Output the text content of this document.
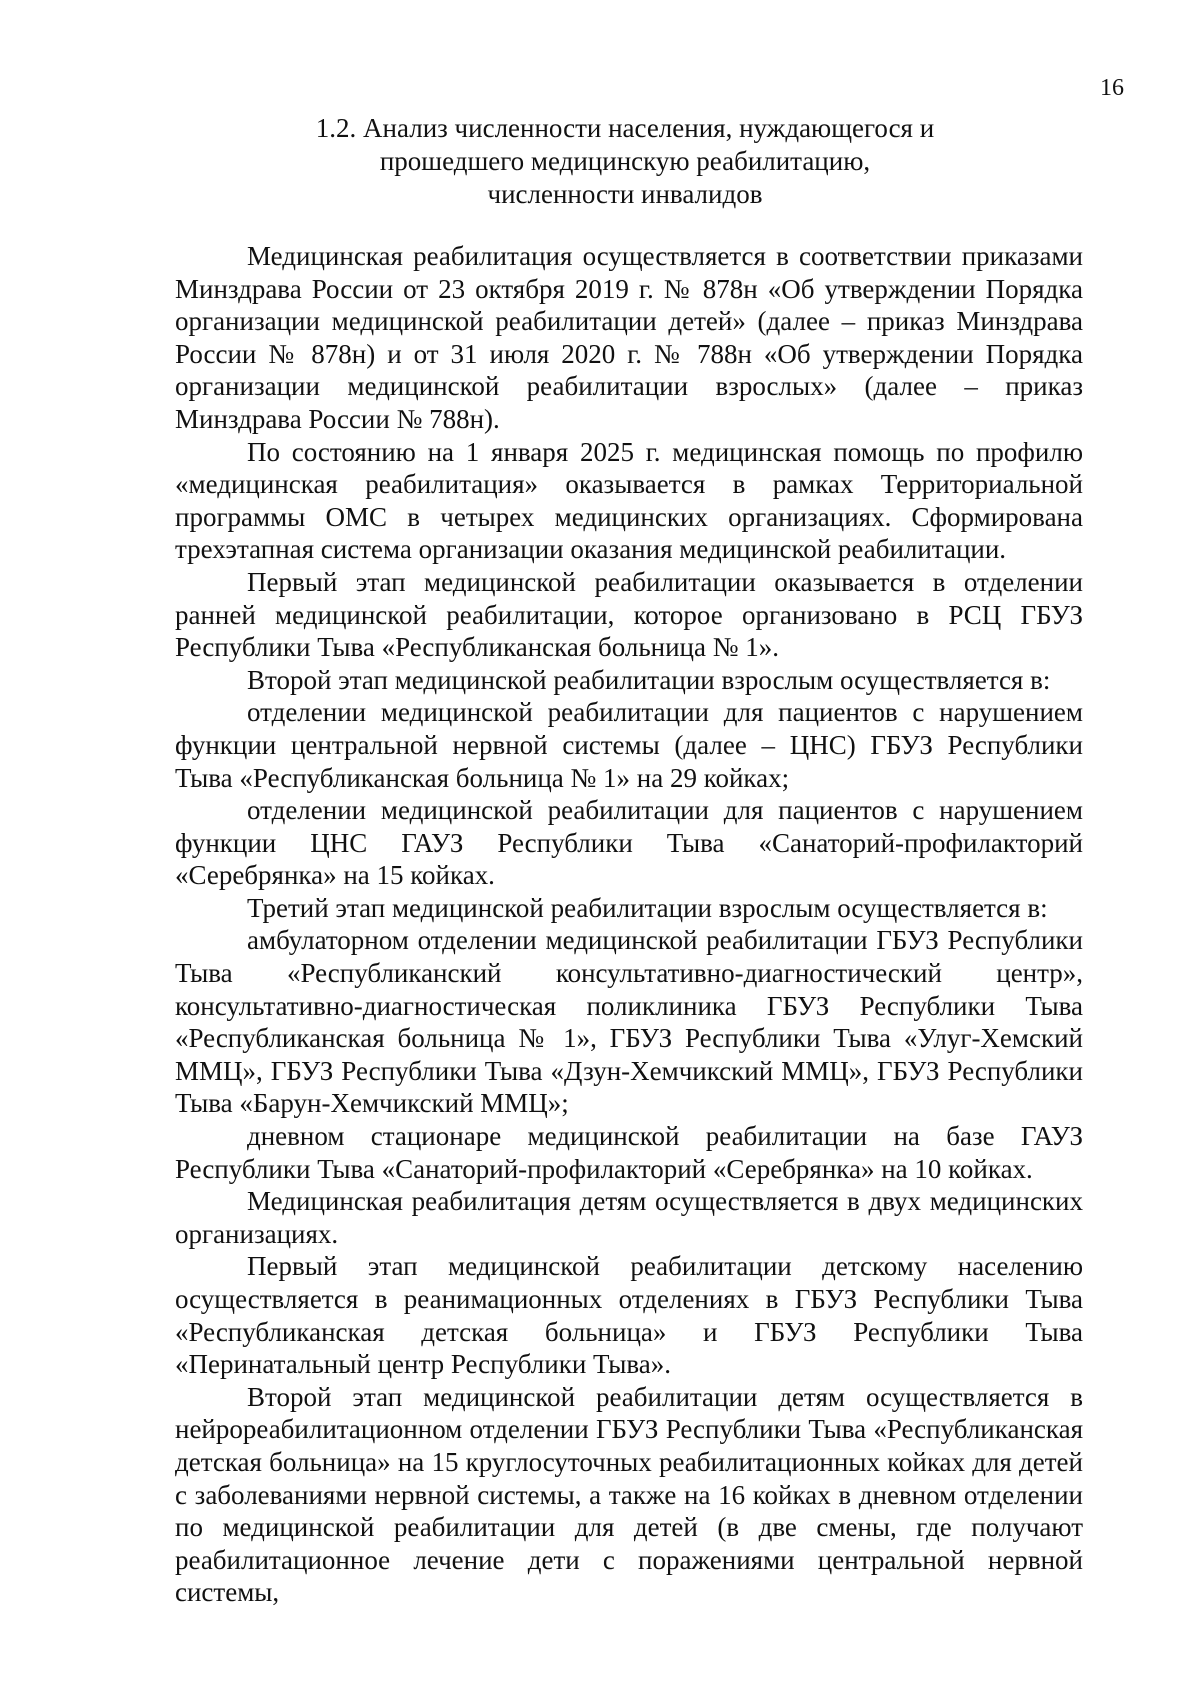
16
1.2. Анализ численности населения, нуждающегося и
прошедшего медицинскую реабилитацию,
численности инвалидов

Медицинская реабилитация осуществляется в соответствии приказами Минздрава России от 23 октября 2019 г. № 878н «Об утверждении Порядка организации медицинской реабилитации детей» (далее – приказ Минздрава России № 878н) и от 31 июля 2020 г. № 788н «Об утверждении Порядка организации медицинской реабилитации взрослых» (далее – приказ Минздрава России № 788н).

По состоянию на 1 января 2025 г. медицинская помощь по профилю «медицинская реабилитация» оказывается в рамках Территориальной программы ОМС в четырех медицинских организациях. Сформирована трехэтапная система организации оказания медицинской реабилитации.

Первый этап медицинской реабилитации оказывается в отделении ранней медицинской реабилитации, которое организовано в РСЦ ГБУЗ Республики Тыва «Республиканская больница № 1».

Второй этап медицинской реабилитации взрослым осуществляется в:

отделении медицинской реабилитации для пациентов с нарушением функции центральной нервной системы (далее – ЦНС) ГБУЗ Республики Тыва «Республиканская больница № 1» на 29 койках;

отделении медицинской реабилитации для пациентов с нарушением функции ЦНС ГАУЗ Республики Тыва «Санаторий-профилакторий «Серебрянка» на 15 койках.

Третий этап медицинской реабилитации взрослым осуществляется в:

амбулаторном отделении медицинской реабилитации ГБУЗ Республики Тыва «Республиканский консультативно-диагностический центр», консультативно-диагностическая поликлиника ГБУЗ Республики Тыва «Республиканская больница № 1», ГБУЗ Республики Тыва «Улуг-Хемский ММЦ», ГБУЗ Республики Тыва «Дзун-Хемчикский ММЦ», ГБУЗ Республики Тыва «Барун-Хемчикский ММЦ»;

дневном стационаре медицинской реабилитации на базе ГАУЗ Республики Тыва «Санаторий-профилакторий «Серебрянка» на 10 койках.

Медицинская реабилитация детям осуществляется в двух медицинских организациях.

Первый этап медицинской реабилитации детскому населению осуществляется в реанимационных отделениях в ГБУЗ Республики Тыва «Республиканская детская больница» и ГБУЗ Республики Тыва «Перинатальный центр Республики Тыва».

Второй этап медицинской реабилитации детям осуществляется в нейрореабилитационном отделении ГБУЗ Республики Тыва «Республиканская детская больница» на 15 круглосуточных реабилитационных койках для детей с заболеваниями нервной системы, а также на 16 койках в дневном отделении по медицинской реабилитации для детей (в две смены, где получают реабилитационное лечение дети с поражениями центральной нервной системы,
